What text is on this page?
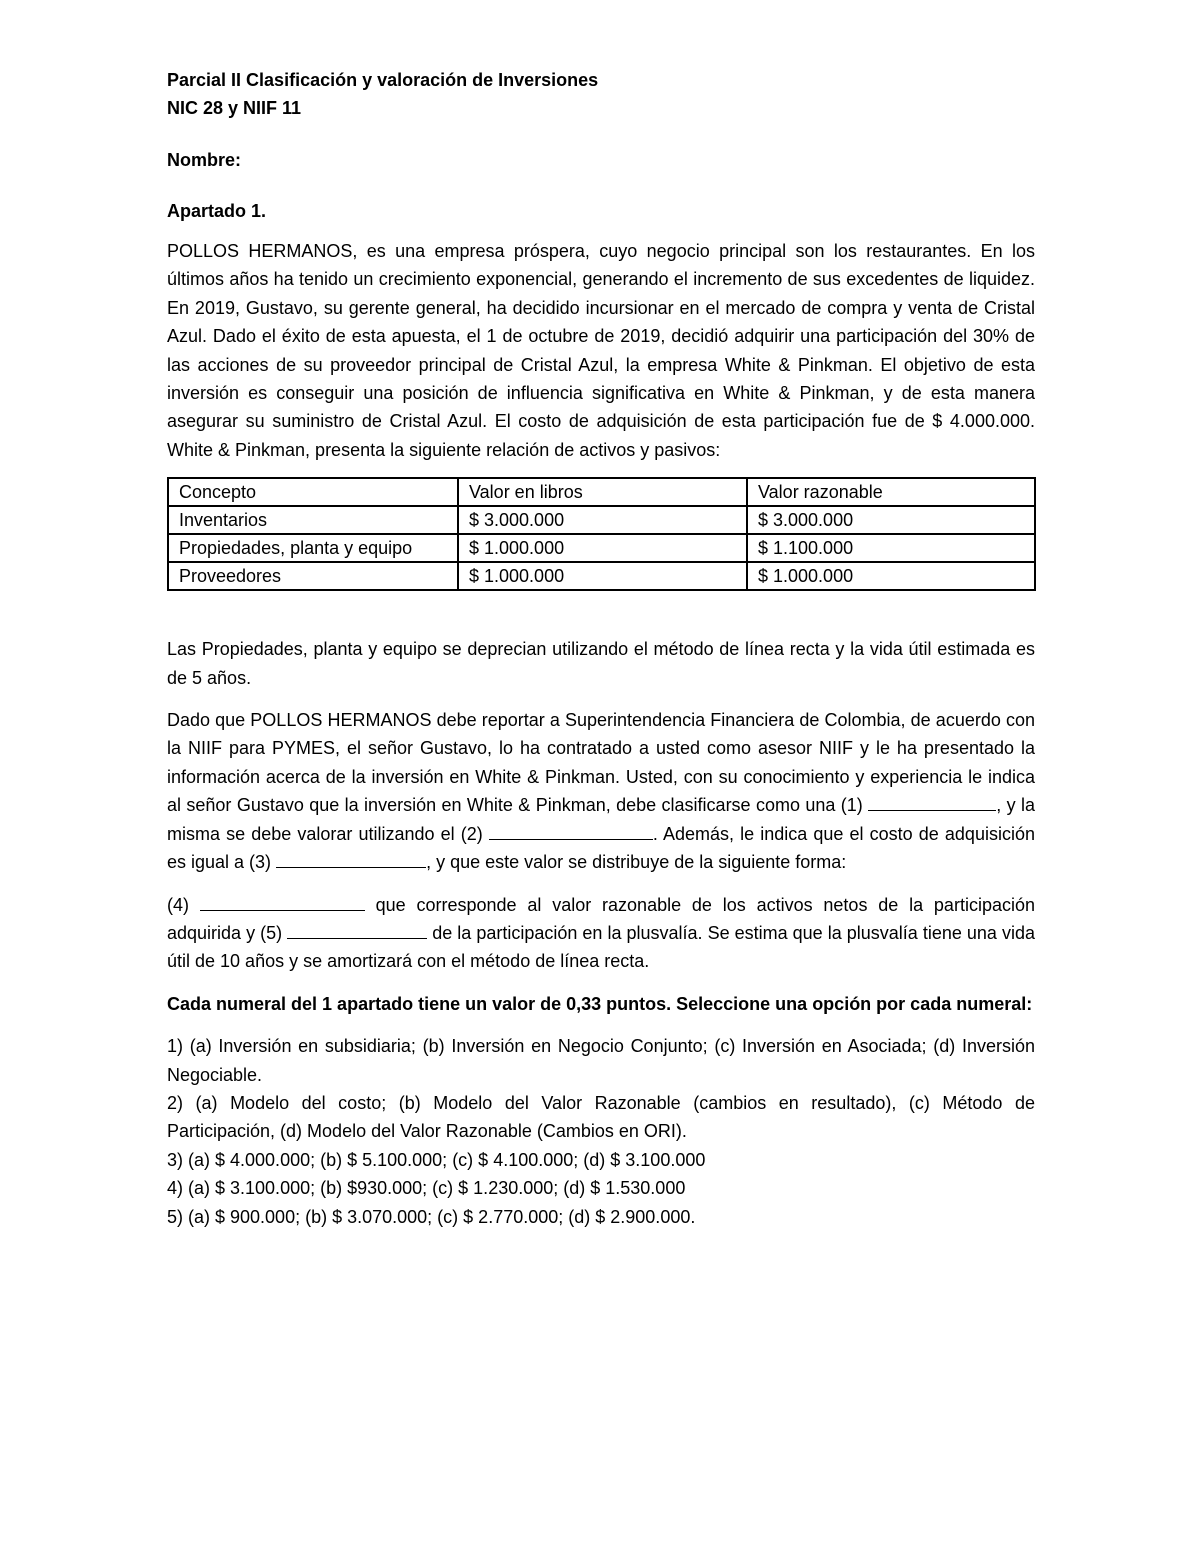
Parcial II Clasificación y valoración de Inversiones

NIC 28 y NIIF 11

Nombre:

Apartado 1.

POLLOS HERMANOS, es una empresa próspera, cuyo negocio principal son los restaurantes. En los últimos años ha tenido un crecimiento exponencial, generando el incremento de sus excedentes de liquidez. En 2019, Gustavo, su gerente general, ha decidido incursionar en el mercado de compra y venta de Cristal Azul. Dado el éxito de esta apuesta, el 1 de octubre de 2019, decidió adquirir una participación del 30% de las acciones de su proveedor principal de Cristal Azul, la empresa White & Pinkman. El objetivo de esta inversión es conseguir una posición de influencia significativa en White & Pinkman, y de esta manera asegurar su suministro de Cristal Azul. El costo de adquisición de esta participación fue de $ 4.000.000. White & Pinkman, presenta la siguiente relación de activos y pasivos:

Concepto	Valor en libros	Valor razonable
Inventarios	$ 3.000.000	$ 3.000.000
Propiedades, planta y equipo	$ 1.000.000	$ 1.100.000
Proveedores	$ 1.000.000	$ 1.000.000

Las Propiedades, planta y equipo se deprecian utilizando el método de línea recta y la vida útil estimada es de 5 años.

Dado que POLLOS HERMANOS debe reportar a Superintendencia Financiera de Colombia, de acuerdo con la NIIF para PYMES, el señor Gustavo, lo ha contratado a usted como asesor NIIF y le ha presentado la información acerca de la inversión en White & Pinkman. Usted, con su conocimiento y experiencia le indica al señor Gustavo que la inversión en White & Pinkman, debe clasificarse como una (1)	, y la misma se debe valorar utilizando el (2)	. Además, le indica que el costo de adquisición es igual a (3)	, y que este valor se distribuye de la siguiente forma:

(4)	que corresponde al valor razonable de los activos netos de la participación adquirida y (5)	de la participación en la plusvalía. Se estima que la plusvalía tiene una vida útil de 10 años y se amortizará con el método de línea recta.

Cada numeral del 1 apartado tiene un valor de 0,33 puntos. Seleccione una opción por cada numeral:

1) (a) Inversión en subsidiaria; (b) Inversión en Negocio Conjunto; (c) Inversión en Asociada; (d) Inversión Negociable.

2) (a) Modelo del costo; (b) Modelo del Valor Razonable (cambios en resultado), (c) Método de Participación, (d) Modelo del Valor Razonable (Cambios en ORI).

3) (a) $ 4.000.000; (b) $ 5.100.000; (c) $ 4.100.000; (d) $ 3.100.000

4) (a) $ 3.100.000; (b) $930.000; (c) $ 1.230.000; (d) $ 1.530.000

5) (a) $ 900.000; (b) $ 3.070.000; (c) $ 2.770.000; (d) $ 2.900.000.
